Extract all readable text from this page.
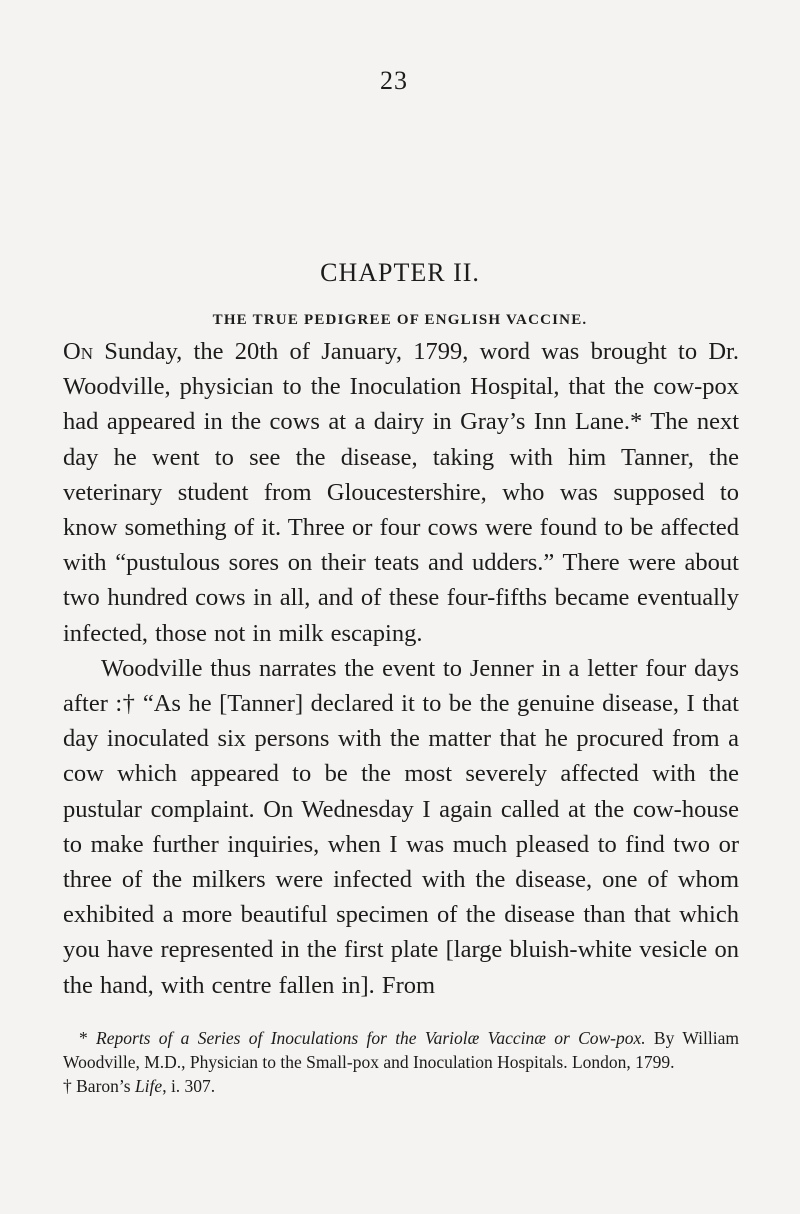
23
CHAPTER II.
THE TRUE PEDIGREE OF ENGLISH VACCINE.

On Sunday, the 20th of January, 1799, word was brought to Dr. Woodville, physician to the Inoculation Hospital, that the cow-pox had appeared in the cows at a dairy in Gray’s Inn Lane.* The next day he went to see the disease, taking with him Tanner, the veterinary student from Gloucestershire, who was supposed to know something of it. Three or four cows were found to be affected with “pustulous sores on their teats and udders.” There were about two hundred cows in all, and of these four-fifths became eventually infected, those not in milk escaping.

Woodville thus narrates the event to Jenner in a letter four days after :† “As he [Tanner] declared it to be the genuine disease, I that day inoculated six persons with the matter that he procured from a cow which appeared to be the most severely affected with the pustular complaint. On Wednesday I again called at the cow-house to make further inquiries, when I was much pleased to find two or three of the milkers were infected with the disease, one of whom exhibited a more beautiful specimen of the disease than that which you have represented in the first plate [large bluish-white vesicle on the hand, with centre fallen in]. From

* Reports of a Series of Inoculations for the Variolæ Vaccinæ or Cow-pox. By William Woodville, M.D., Physician to the Small-pox and Inoculation Hospitals. London, 1799.

† Baron’s Life, i. 307.
